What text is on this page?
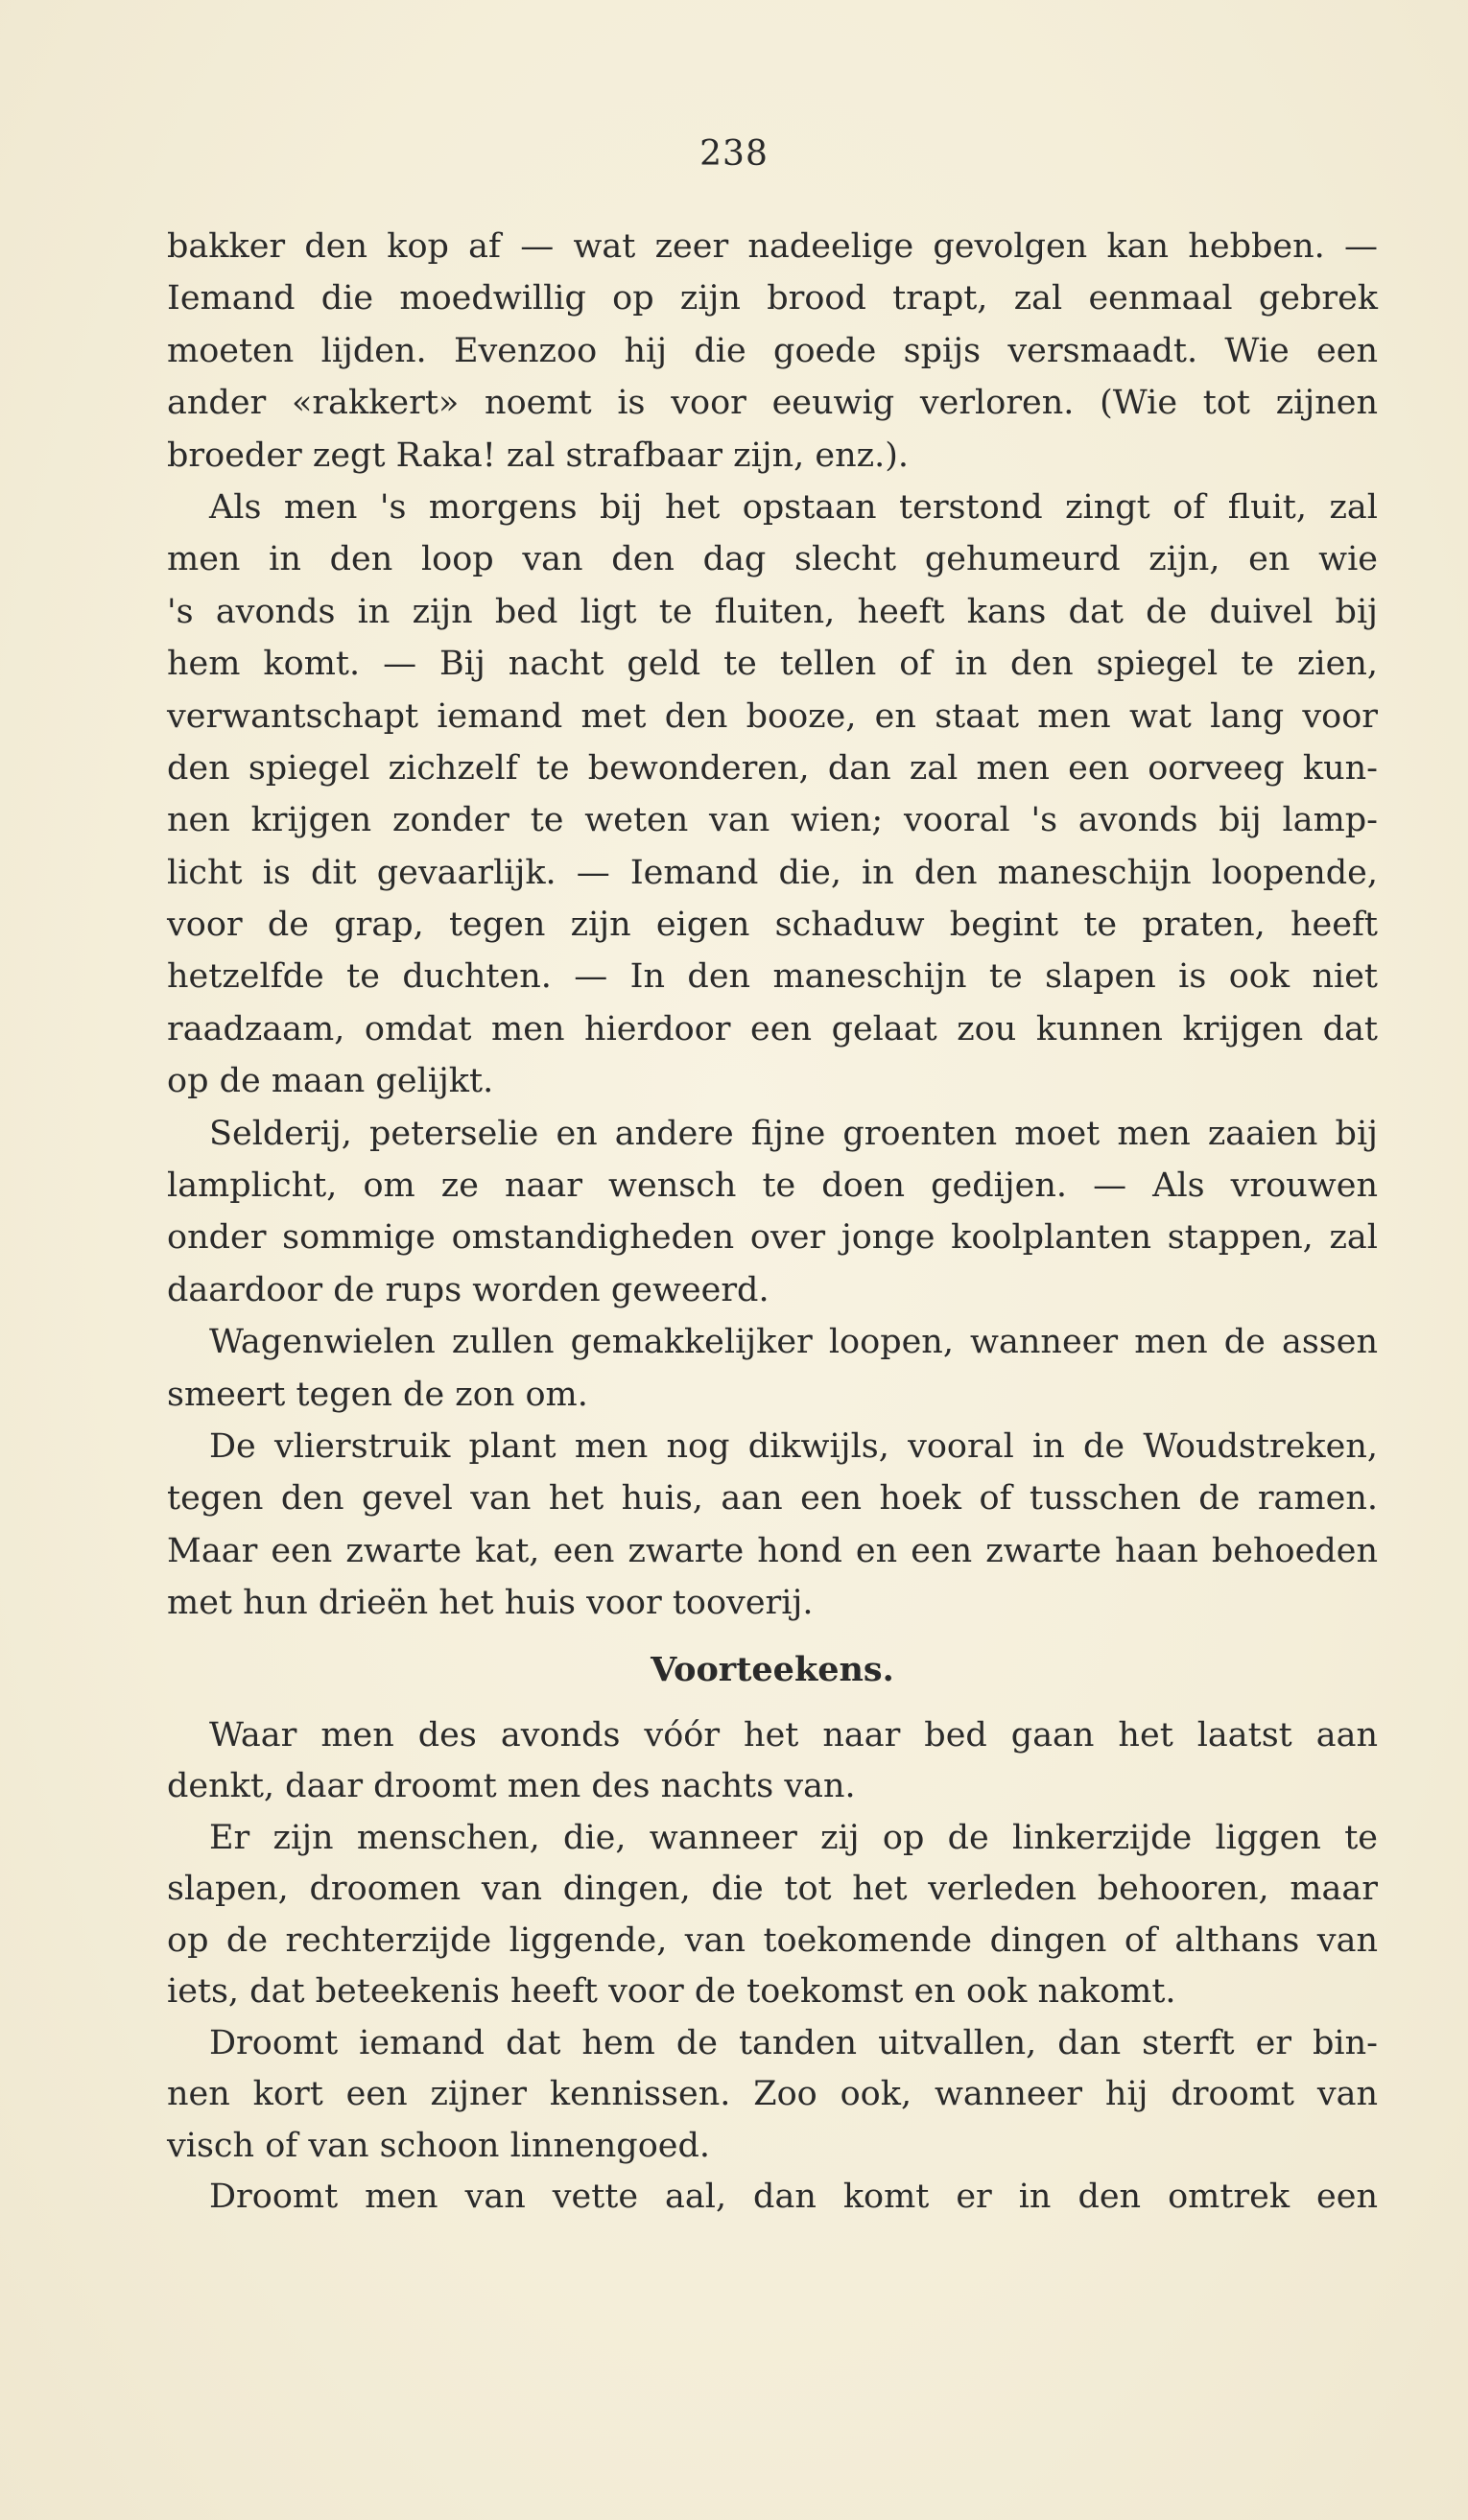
238
bakker den kop af — wat zeer nadeelige gevolgen kan hebben. —
Iemand die moedwillig op zijn brood trapt, zal eenmaal gebrek
moeten lijden. Evenzoo hij die goede spijs versmaadt. Wie een
ander «rakkert» noemt is voor eeuwig verloren. (Wie tot zijnen
broeder zegt Raka! zal strafbaar zijn, enz.).
Als men 's morgens bij het opstaan terstond zingt of fluit, zal
men in den loop van den dag slecht gehumeurd zijn, en wie
's avonds in zijn bed ligt te fluiten, heeft kans dat de duivel bij
hem komt. — Bij nacht geld te tellen of in den spiegel te zien,
verwantschapt iemand met den booze, en staat men wat lang voor
den spiegel zichzelf te bewonderen, dan zal men een oorveeg kun-
nen krijgen zonder te weten van wien; vooral 's avonds bij lamp-
licht is dit gevaarlijk. — Iemand die, in den maneschijn loopende,
voor de grap, tegen zijn eigen schaduw begint te praten, heeft
hetzelfde te duchten. — In den maneschijn te slapen is ook niet
raadzaam, omdat men hierdoor een gelaat zou kunnen krijgen dat
op de maan gelijkt.
Selderij, peterselie en andere fijne groenten moet men zaaien bij
lamplicht, om ze naar wensch te doen gedijen. — Als vrouwen
onder sommige omstandigheden over jonge koolplanten stappen, zal
daardoor de rups worden geweerd.
Wagenwielen zullen gemakkelijker loopen, wanneer men de assen
smeert tegen de zon om.
De vlierstruik plant men nog dikwijls, vooral in de Woudstreken,
tegen den gevel van het huis, aan een hoek of tusschen de ramen.
Maar een zwarte kat, een zwarte hond en een zwarte haan behoeden
met hun drieën het huis voor tooverij.
Voorteekens.
Waar men des avonds vóór het naar bed gaan het laatst aan
denkt, daar droomt men des nachts van.
Er zijn menschen, die, wanneer zij op de linkerzijde liggen te
slapen, droomen van dingen, die tot het verleden behooren, maar
op de rechterzijde liggende, van toekomende dingen of althans van
iets, dat beteekenis heeft voor de toekomst en ook nakomt.
Droomt iemand dat hem de tanden uitvallen, dan sterft er bin-
nen kort een zijner kennissen. Zoo ook, wanneer hij droomt van
visch of van schoon linnengoed.
Droomt men van vette aal, dan komt er in den omtrek een
